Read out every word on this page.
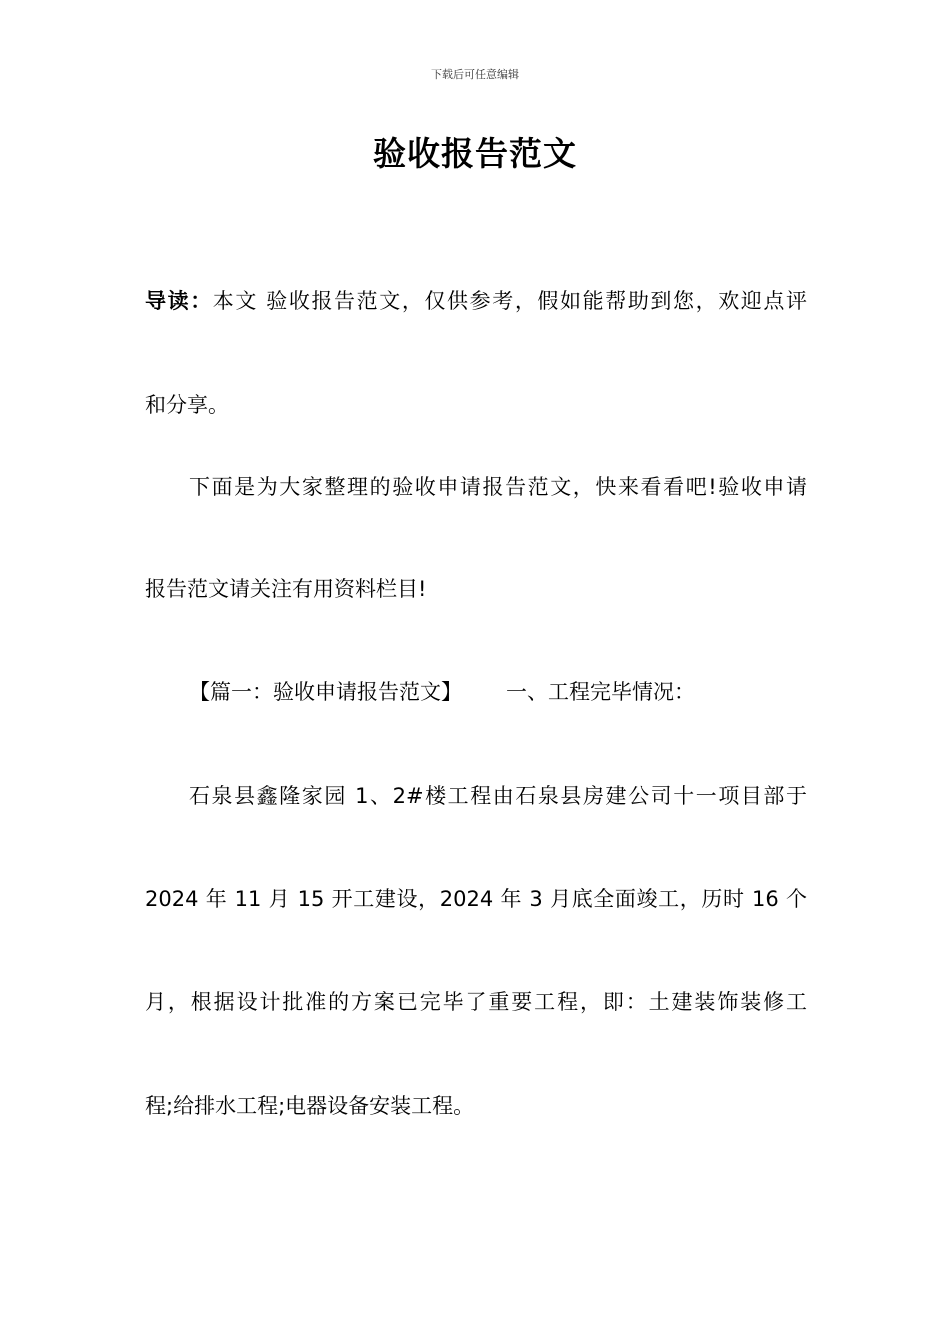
下载后可任意编辑
验收报告范文
导读：本文 验收报告范文，仅供参考，假如能帮助到您，欢迎点评
和分享。
下面是为大家整理的验收申请报告范文，快来看看吧!验收申请
报告范文请关注有用资料栏目!
【篇一：验收申请报告范文】 一、工程完毕情况：
石泉县鑫隆家园 1、2#楼工程由石泉县房建公司十一项目部于
2024 年 11 月 15 开工建设，2024 年 3 月底全面竣工，历时 16 个
月，根据设计批准的方案已完毕了重要工程，即：土建装饰装修工
程;给排水工程;电器设备安装工程。
